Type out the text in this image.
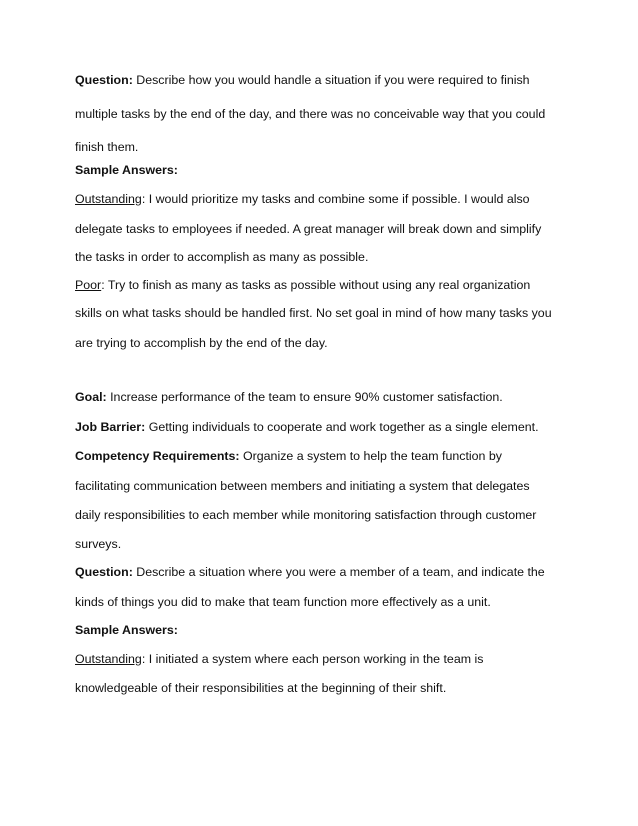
Question: Describe how you would handle a situation if you were required to finish
multiple tasks by the end of the day, and there was no conceivable way that you could
finish them.
Sample Answers:
Outstanding: I would prioritize my tasks and combine some if possible. I would also
delegate tasks to employees if needed. A great manager will break down and simplify
the tasks in order to accomplish as many as possible.
Poor: Try to finish as many as tasks as possible without using any real organization
skills on what tasks should be handled first. No set goal in mind of how many tasks you
are trying to accomplish by the end of the day.
Goal: Increase performance of the team to ensure 90% customer satisfaction.
Job Barrier: Getting individuals to cooperate and work together as a single element.
Competency Requirements: Organize a system to help the team function by
facilitating communication between members and initiating a system that delegates
daily responsibilities to each member while monitoring satisfaction through customer
surveys.
Question: Describe a situation where you were a member of a team, and indicate the
kinds of things you did to make that team function more effectively as a unit.
Sample Answers:
Outstanding: I initiated a system where each person working in the team is
knowledgeable of their responsibilities at the beginning of their shift.
